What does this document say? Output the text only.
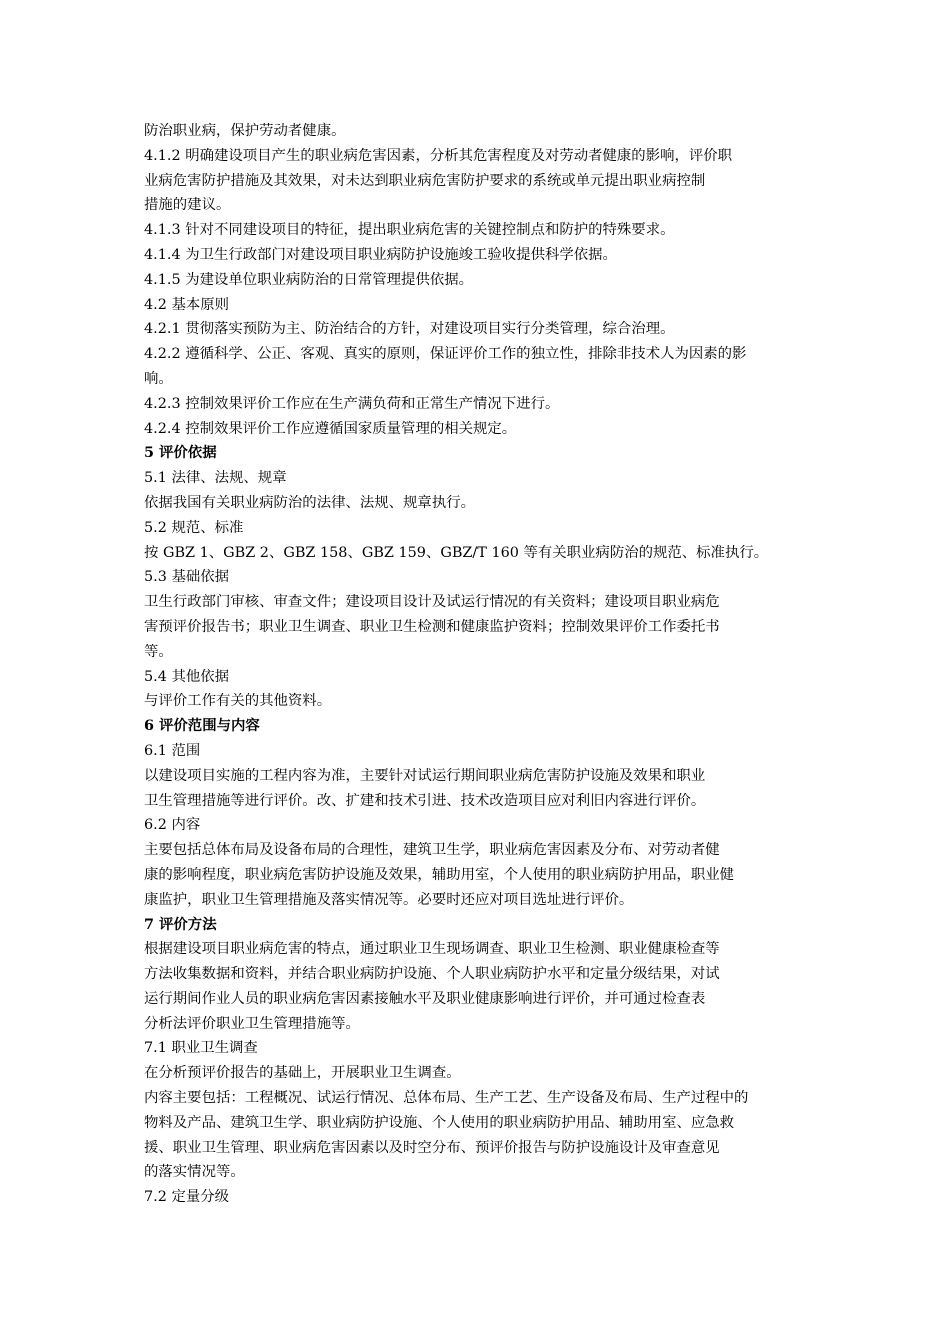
防治职业病，保护劳动者健康。

4.1.2 明确建设项目产生的职业病危害因素，分析其危害程度及对劳动者健康的影响，评价职

业病危害防护措施及其效果，对未达到职业病危害防护要求的系统或单元提出职业病控制

措施的建议。

4.1.3 针对不同建设项目的特征，提出职业病危害的关键控制点和防护的特殊要求。

4.1.4 为卫生行政部门对建设项目职业病防护设施竣工验收提供科学依据。

4.1.5 为建设单位职业病防治的日常管理提供依据。

4.2 基本原则

4.2.1 贯彻落实预防为主、防治结合的方针，对建设项目实行分类管理，综合治理。

4.2.2 遵循科学、公正、客观、真实的原则，保证评价工作的独立性，排除非技术人为因素的影

响。

4.2.3 控制效果评价工作应在生产满负荷和正常生产情况下进行。

4.2.4 控制效果评价工作应遵循国家质量管理的相关规定。

5 评价依据

5.1 法律、法规、规章

依据我国有关职业病防治的法律、法规、规章执行。

5.2 规范、标准

按 GBZ 1、GBZ 2、GBZ 158、GBZ 159、GBZ/T 160 等有关职业病防治的规范、标准执行。

5.3 基础依据

卫生行政部门审核、审查文件；建设项目设计及试运行情况的有关资料；建设项目职业病危

害预评价报告书；职业卫生调查、职业卫生检测和健康监护资料；控制效果评价工作委托书

等。

5.4 其他依据

与评价工作有关的其他资料。

6 评价范围与内容

6.1 范围

以建设项目实施的工程内容为准，主要针对试运行期间职业病危害防护设施及效果和职业

卫生管理措施等进行评价。改、扩建和技术引进、技术改造项目应对利旧内容进行评价。

6.2 内容

主要包括总体布局及设备布局的合理性，建筑卫生学，职业病危害因素及分布、对劳动者健

康的影响程度，职业病危害防护设施及效果，辅助用室，个人使用的职业病防护用品，职业健

康监护，职业卫生管理措施及落实情况等。必要时还应对项目选址进行评价。

7 评价方法

根据建设项目职业病危害的特点，通过职业卫生现场调查、职业卫生检测、职业健康检查等

方法收集数据和资料，并结合职业病防护设施、个人职业病防护水平和定量分级结果，对试

运行期间作业人员的职业病危害因素接触水平及职业健康影响进行评价，并可通过检查表

分析法评价职业卫生管理措施等。

7.1 职业卫生调查

在分析预评价报告的基础上，开展职业卫生调查。

内容主要包括：工程概况、试运行情况、总体布局、生产工艺、生产设备及布局、生产过程中的

物料及产品、建筑卫生学、职业病防护设施、个人使用的职业病防护用品、辅助用室、应急救

援、职业卫生管理、职业病危害因素以及时空分布、预评价报告与防护设施设计及审查意见

的落实情况等。

7.2 定量分级
